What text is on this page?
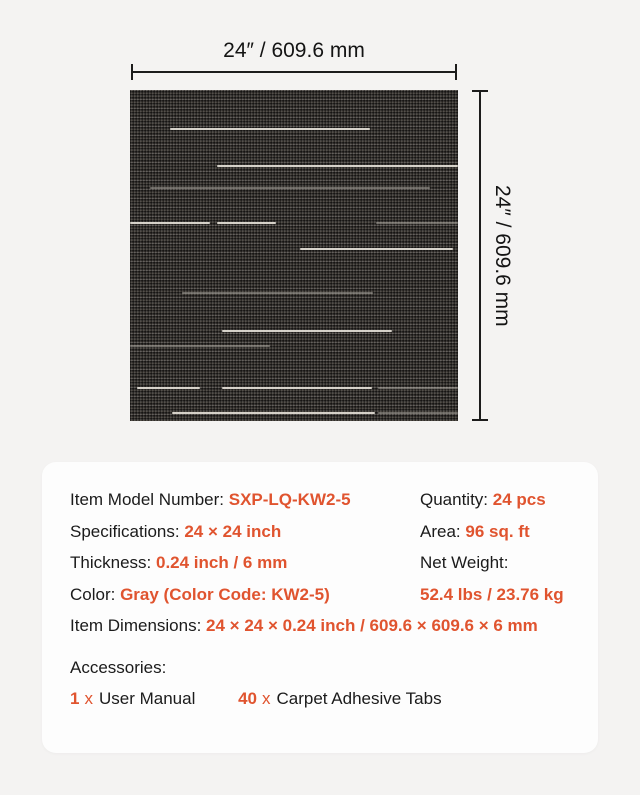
24″ / 609.6 mm
24″ / 609.6 mm
Item Model Number: SXP-LQ-KW2-5
Specifications: 24 × 24 inch
Thickness: 0.24 inch / 6 mm
Color: Gray (Color Code: KW2-5)
Quantity: 24 pcs
Area: 96 sq. ft
Net Weight:
52.4 lbs / 23.76 kg
Item Dimensions: 24 × 24 × 0.24 inch / 609.6 × 609.6 × 6 mm
Accessories:
1 x User Manual	40 x Carpet Adhesive Tabs
